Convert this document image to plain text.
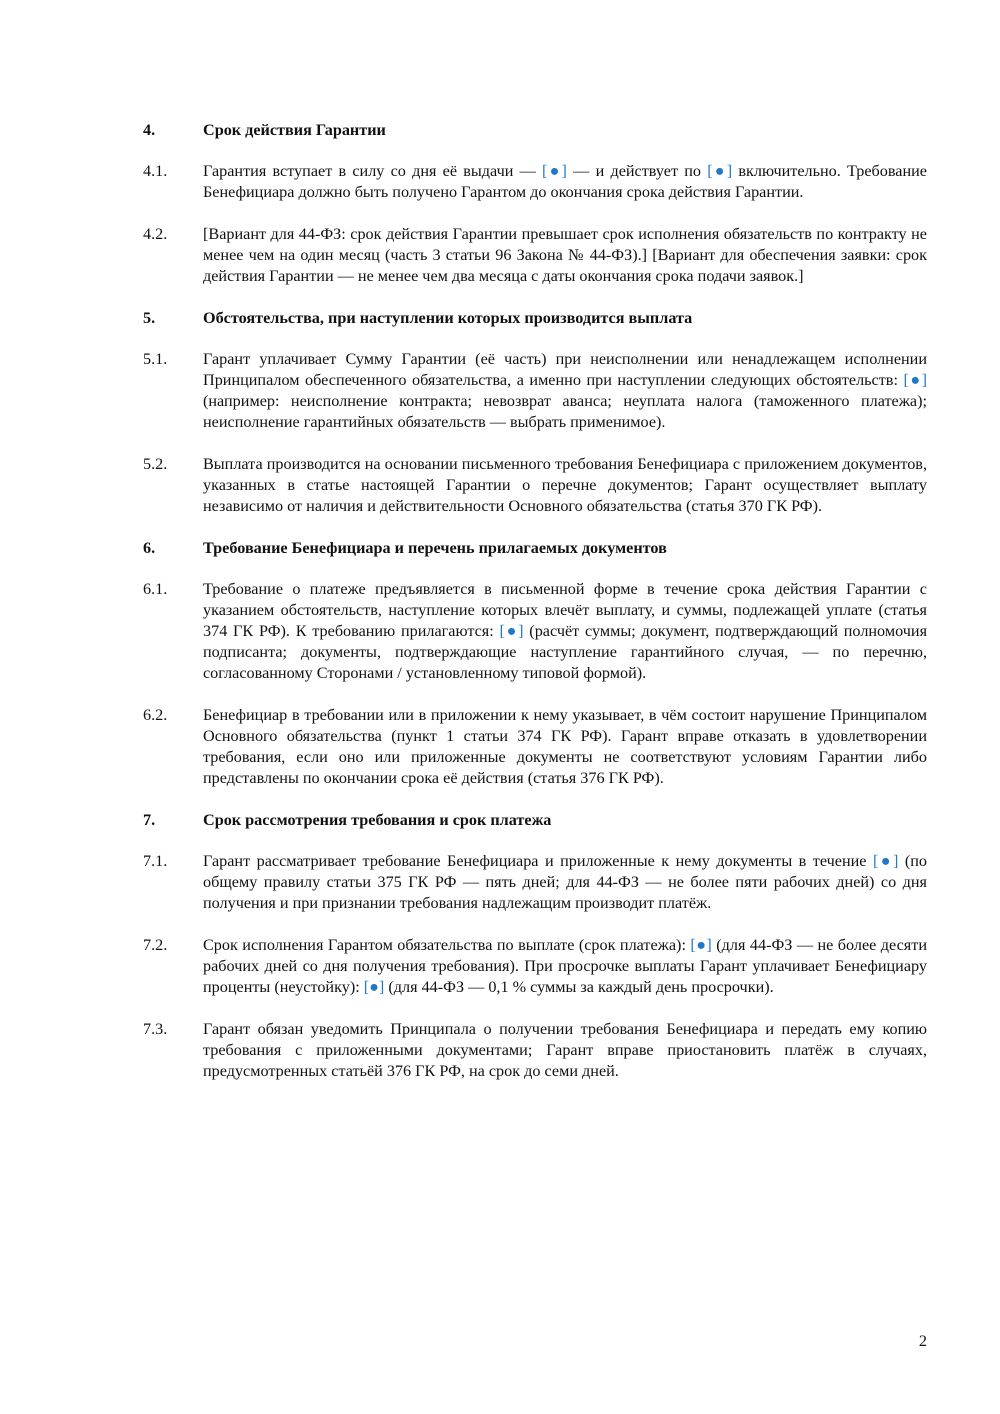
4.	Срок действия Гарантии
4.1.	Гарантия вступает в силу со дня её выдачи — [●] — и действует по [●] включительно. Требование Бенефициара должно быть получено Гарантом до окончания срока действия Гарантии.
4.2.	[Вариант для 44-ФЗ: срок действия Гарантии превышает срок исполнения обязательств по контракту не менее чем на один месяц (часть 3 статьи 96 Закона № 44-ФЗ).] [Вариант для обеспечения заявки: срок действия Гарантии — не менее чем два месяца с даты окончания срока подачи заявок.]
5.	Обстоятельства, при наступлении которых производится выплата
5.1.	Гарант уплачивает Сумму Гарантии (её часть) при неисполнении или ненадлежащем исполнении Принципалом обеспеченного обязательства, а именно при наступлении следующих обстоятельств: [●] (например: неисполнение контракта; невозврат аванса; неуплата налога (таможенного платежа); неисполнение гарантийных обязательств — выбрать применимое).
5.2.	Выплата производится на основании письменного требования Бенефициара с приложением документов, указанных в статье настоящей Гарантии о перечне документов; Гарант осуществляет выплату независимо от наличия и действительности Основного обязательства (статья 370 ГК РФ).
6.	Требование Бенефициара и перечень прилагаемых документов
6.1.	Требование о платеже предъявляется в письменной форме в течение срока действия Гарантии с указанием обстоятельств, наступление которых влечёт выплату, и суммы, подлежащей уплате (статья 374 ГК РФ). К требованию прилагаются: [●] (расчёт суммы; документ, подтверждающий полномочия подписанта; документы, подтверждающие наступление гарантийного случая, — по перечню, согласованному Сторонами / установленному типовой формой).
6.2.	Бенефициар в требовании или в приложении к нему указывает, в чём состоит нарушение Принципалом Основного обязательства (пункт 1 статьи 374 ГК РФ). Гарант вправе отказать в удовлетворении требования, если оно или приложенные документы не соответствуют условиям Гарантии либо представлены по окончании срока её действия (статья 376 ГК РФ).
7.	Срок рассмотрения требования и срок платежа
7.1.	Гарант рассматривает требование Бенефициара и приложенные к нему документы в течение [●] (по общему правилу статьи 375 ГК РФ — пять дней; для 44-ФЗ — не более пяти рабочих дней) со дня получения и при признании требования надлежащим производит платёж.
7.2.	Срок исполнения Гарантом обязательства по выплате (срок платежа): [●] (для 44-ФЗ — не более десяти рабочих дней со дня получения требования). При просрочке выплаты Гарант уплачивает Бенефициару проценты (неустойку): [●] (для 44-ФЗ — 0,1 % суммы за каждый день просрочки).
7.3.	Гарант обязан уведомить Принципала о получении требования Бенефициара и передать ему копию требования с приложенными документами; Гарант вправе приостановить платёж в случаях, предусмотренных статьёй 376 ГК РФ, на срок до семи дней.
2
